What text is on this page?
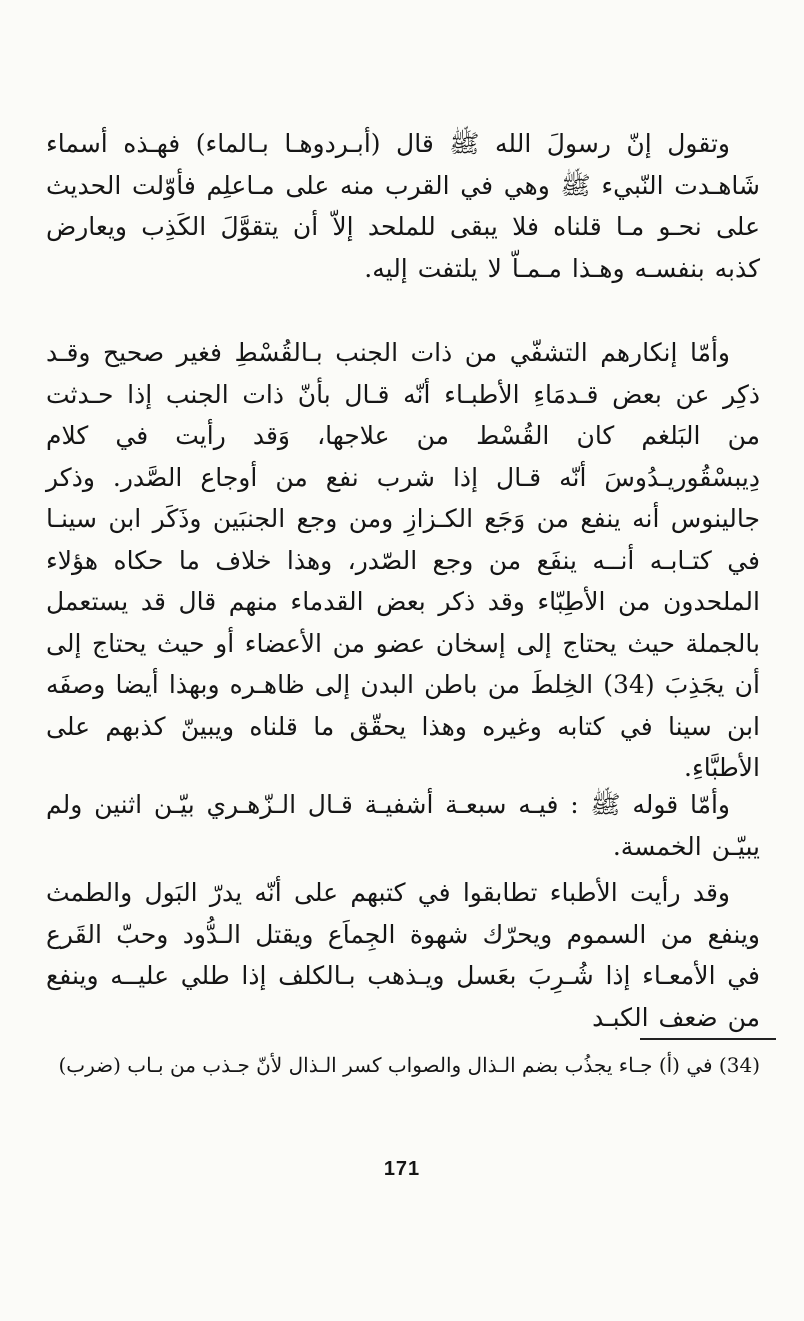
وتقول إنّ رسولَ الله ﷺ قال (أبـردوهـا بـالماء) فهـذه أسماء شَاهـدت النّبيء ﷺ وهي في القرب منه على مـاعلِم فأوّلت الحديث على نحـو مـا قلناه فلا يبقى للملحد إلاّ أن يتقوَّلَ الكَذِب ويعارض كذبه بنفسـه وهـذا مـمـاّ لا يلتفت إليه.

وأمّا إنكارهم التشفّي من ذات الجنب بـالقُسْطِ فغير صحيح وقـد ذكِر عن بعض قـدمَاءِ الأطبـاء أنّه قـال بأنّ ذات الجنب إذا حـدثت من البَلغم كان القُسْط من علاجها، وَقد رأيت في كلام دِيبسْقُوريـدُوسَ أنّه قـال إذا شرب نفع من أوجاع الصَّدر. وذكر جالينوس أنه ينفع من وَجَع الكـزازِ ومن وجع الجنبَين وذَكَر ابن سينـا في كتـابـه أنــه ينفَع من وجع الصّدر، وهذا خلاف ما حكاه هؤلاء الملحدون من الأطِبّاء وقد ذكر بعض القدماء منهم قال قد يستعمل بالجملة حيث يحتاج إلى إسخان عضو من الأعضاء أو حيث يحتاج إلى أن يجَذِبَ (34) الخِلطَ من باطن البدن إلى ظاهـره وبهذا أيضا وصفَه ابن سينا في كتابه وغيره وهذا يحقّق ما قلناه ويبينّ كذبهم على الأطبَّاءِ.

وأمّا قوله ﷺ : فيـه سبعـة أشفيـة قـال الـزّهـري بيّـن اثنين ولم يبيّـن الخمسة.

وقد رأيت الأطباء تطابقوا في كتبهم على أنّه يدرّ البَول والطمث وينفع من السموم ويحرّك شهوة الجِماَع ويقتل الـدُّود وحبّ القَرع في الأمعـاء إذا شُـرِبَ بعَسل ويـذهب بـالكلف إذا طلي عليــه وينفع من ضعف الكبـد

(34) في (أ) جـاء يجذُب بضم الـذال والصواب كسر الـذال لأنّ جـذب من بـاب (ضرب)

171
